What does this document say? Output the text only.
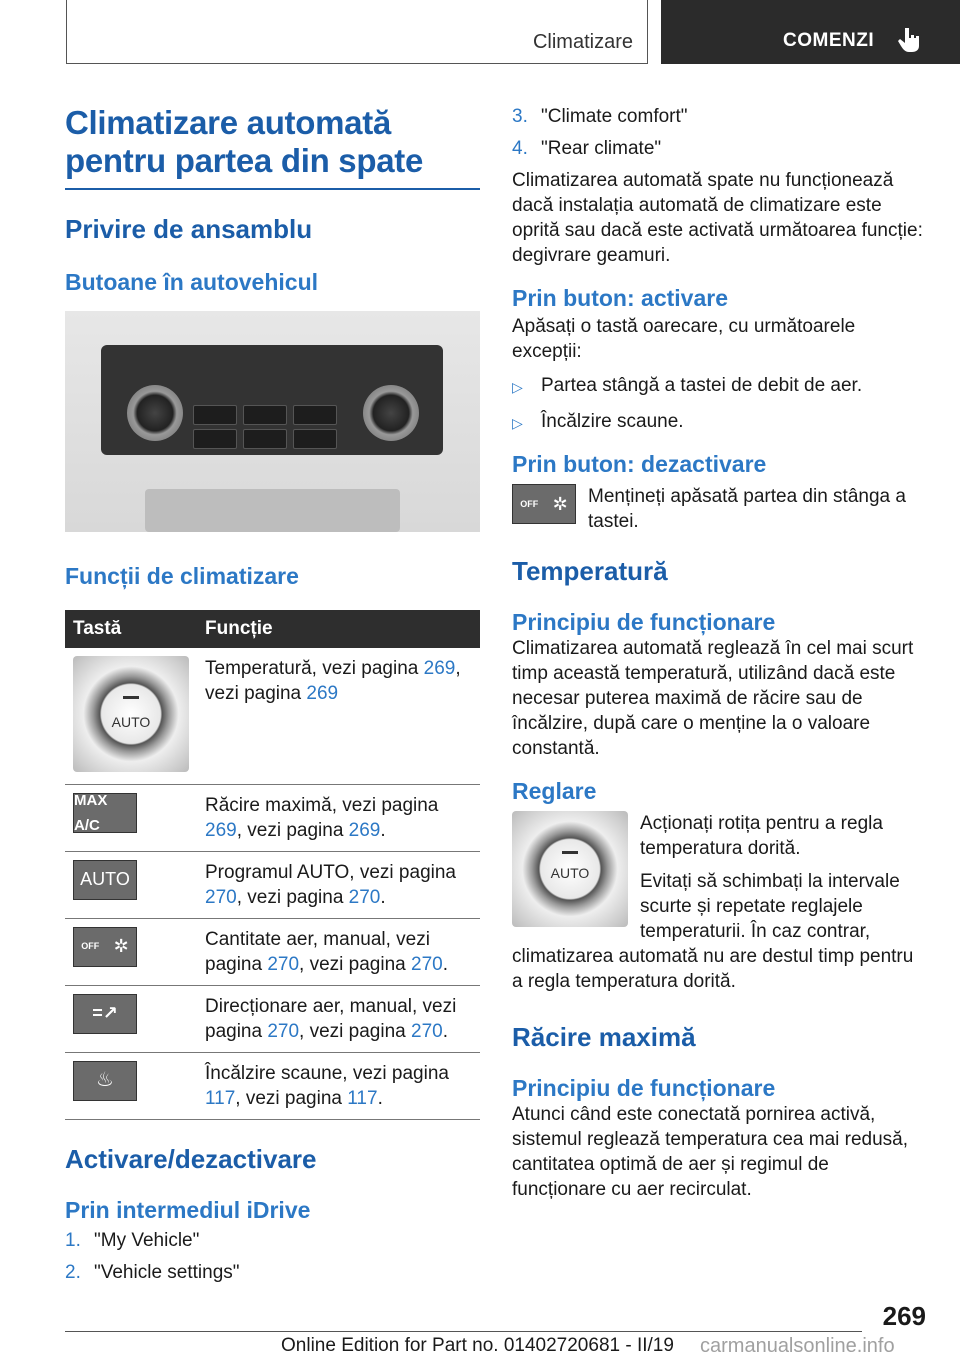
Climatizare	COMENZI
Climatizare automată pentru partea din spate
Privire de ansamblu
Butoane în autovehicul
Funcții de climatizare
Tastă	Funcție

AUTO	Temperatură, vezi pagina 269, vezi pagina 269

MAX A/C	Răcire maximă, vezi pagina 269, vezi pagina 269.

AUTO	Programul AUTO, vezi pagina 270, vezi pagina 270.

OFF ✲	Cantitate aer, manual, vezi pagina 270, vezi pagina 270.

=↗	Direcționare aer, manual, vezi pagina 270, vezi pagina 270.

♨	Încălzire scaune, vezi pagina 117, vezi pagina 117.
Activare/dezactivare
Prin intermediul iDrive
1. "My Vehicle"
2. "Vehicle settings"
3. "Climate comfort"
4. "Rear climate"

Climatizarea automată spate nu funcționează dacă instalația automată de climatizare este oprită sau dacă este activată următoarea funcție: degivrare geamuri.

Prin buton: activare

Apăsați o tastă oarecare, cu următoarele excepții:

▷ Partea stângă a tastei de debit de aer.
▷ Încălzire scaune.
Prin buton: dezactivare
OFF ✲	Mențineți apăsată partea din stânga a tastei.

Temperatură
Principiu de funcționare

Climatizarea automată reglează în cel mai scurt timp această temperatură, utilizând dacă este necesar puterea maximă de răcire sau de încălzire, după care o menține la o valoare constantă.

Reglare
AUTO

Acționați rotița pentru a regla temperatura dorită.

Evitați să schimbați la intervale scurte și repetate reglajele temperaturii. În caz contrar, climatizarea automată nu are destul timp pentru a regla temperatura dorită.

Răcire maximă
Principiu de funcționare

Atunci când este conectată pornirea activă, sistemul reglează temperatura cea mai redusă, cantitatea optimă de aer și regimul de funcționare cu aer recirculat.

269
Online Edition for Part no. 01402720681 - II/19 carmanualsonline.info
